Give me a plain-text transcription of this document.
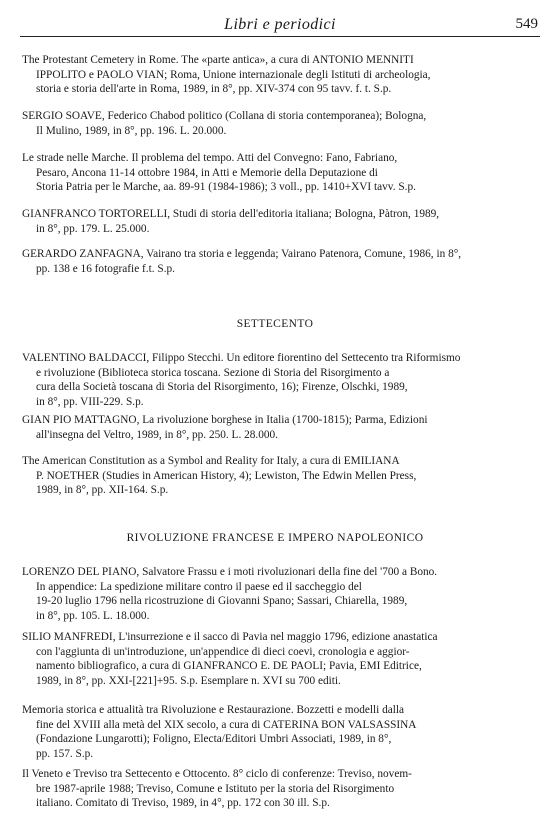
Libri e periodici	549
The Protestant Cemetery in Rome. The «parte antica», a cura di ANTONIO MENNITI
IPPOLITO e PAOLO VIAN; Roma, Unione internazionale degli Istituti di archeologia,
storia e storia dell'arte in Roma, 1989, in 8°, pp. XIV-374 con 95 tavv. f. t. S.p.
SERGIO SOAVE, Federico Chabod politico (Collana di storia contemporanea); Bologna,
Il Mulino, 1989, in 8°, pp. 196. L. 20.000.
Le strade nelle Marche. Il problema del tempo. Atti del Convegno: Fano, Fabriano,
Pesaro, Ancona 11-14 ottobre 1984, in Atti e Memorie della Deputazione di
Storia Patria per le Marche, aa. 89-91 (1984-1986); 3 voll., pp. 1410+XVI tavv. S.p.
GIANFRANCO TORTORELLI, Studi di storia dell'editoria italiana; Bologna, Pàtron, 1989,
in 8°, pp. 179. L. 25.000.
GERARDO ZANFAGNA, Vairano tra storia e leggenda; Vairano Patenora, Comune, 1986, in 8°,
pp. 138 e 16 fotografie f.t. S.p.
SETTECENTO
VALENTINO BALDACCI, Filippo Stecchi. Un editore fiorentino del Settecento tra Riformismo
e rivoluzione (Biblioteca storica toscana. Sezione di Storia del Risorgimento a
cura della Società toscana di Storia del Risorgimento, 16); Firenze, Olschki, 1989,
in 8°, pp. VIII-229. S.p.
GIAN PIO MATTAGNO, La rivoluzione borghese in Italia (1700-1815); Parma, Edizioni
all'insegna del Veltro, 1989, in 8°, pp. 250. L. 28.000.
The American Constitution as a Symbol and Reality for Italy, a cura di EMILIANA
P. NOETHER (Studies in American History, 4); Lewiston, The Edwin Mellen Press,
1989, in 8°, pp. XII-164. S.p.
RIVOLUZIONE FRANCESE E IMPERO NAPOLEONICO
LORENZO DEL PIANO, Salvatore Frassu e i moti rivoluzionari della fine del '700 a Bono.
In appendice: La spedizione militare contro il paese ed il saccheggio del
19-20 luglio 1796 nella ricostruzione di Giovanni Spano; Sassari, Chiarella, 1989,
in 8°, pp. 105. L. 18.000.
SILIO MANFREDI, L'insurrezione e il sacco di Pavia nel maggio 1796, edizione anastatica
con l'aggiunta di un'introduzione, un'appendice di dieci coevi, cronologia e aggior-
namento bibliografico, a cura di GIANFRANCO E. DE PAOLI; Pavia, EMI Editrice,
1989, in 8°, pp. XXI-[221]+95. S.p. Esemplare n. XVI su 700 editi.
Memoria storica e attualità tra Rivoluzione e Restaurazione. Bozzetti e modelli dalla
fine del XVIII alla metà del XIX secolo, a cura di CATERINA BON VALSASSINA
(Fondazione Lungarotti); Foligno, Electa/Editori Umbri Associati, 1989, in 8°,
pp. 157. S.p.
Il Veneto e Treviso tra Settecento e Ottocento. 8° ciclo di conferenze: Treviso, novem-
bre 1987-aprile 1988; Treviso, Comune e Istituto per la storia del Risorgimento
italiano. Comitato di Treviso, 1989, in 4°, pp. 172 con 30 ill. S.p.
